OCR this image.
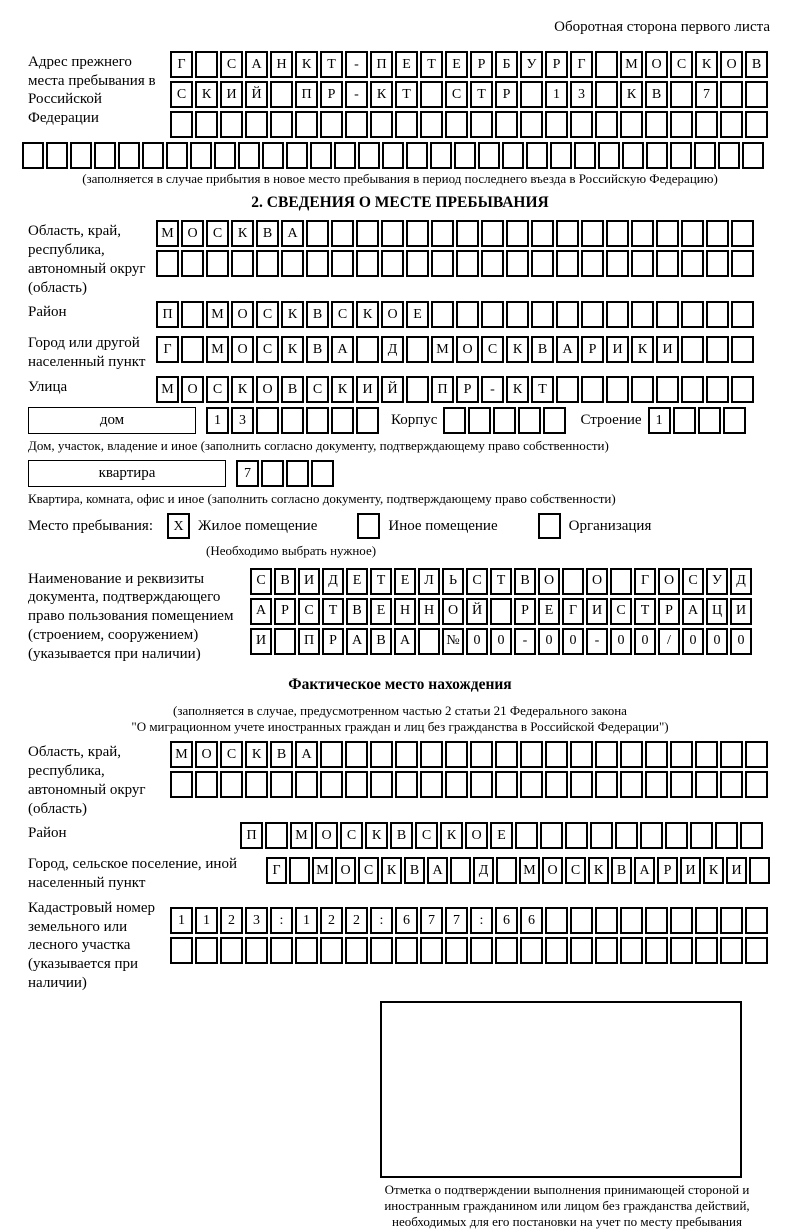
Оборотная сторона первого листа
Адрес прежнего места пребывания в Российской Федерации
Г	С	А	Н	К	Т	-	П	Е	Т	Е	Р	Б	У	Р	Г	М О	С	К	О	В
С	К	И	Й	П	Р	-	К	Т	С	Т	Р	1	3	К	В	7
(заполняется в случае прибытия в новое место пребывания в период последнего въезда в Российскую Федерацию)
2. СВЕДЕНИЯ О МЕСТЕ ПРЕБЫВАНИЯ
Область, край, республика, автономный округ (область)
М О	С	К	В	А
Район	П	М О	С	К	В	С	К	О	Е
Город или другой населенный пункт
Г	М О	С	К	В	А	Д	М О	С	К	В	А	Р	И	К	И
Улица	М О	С	К	О	В	С	К	И	Й	П	Р	-	К	Т
дом	1	3	Корпус	Строение	1
Дом, участок, владение и иное (заполнить согласно документу, подтверждающему право собственности)
квартира	7
Квартира, комната, офис и иное (заполнить согласно документу, подтверждающему право собственности)
Место пребывания:	X Жилое помещение	Иное помещение	Организация
(Необходимо выбрать нужное)
Наименование и реквизиты документа, подтверждающего право пользования помещением (строением, сооружением) (указывается при наличии)
С	В	И	Д	Е	Т	Е	Л	Ь	С	Т	В	О	О	Г	О	С	У	Д
А	Р	С	Т	В	Е	Н Н О Й	Р	Е	Г	И	С	Т	Р	А Ц И
И	П	Р	А	В	А	№ 0	0	-	0	0	-	0	0	/	0	0	0
Фактическое место нахождения
(заполняется в случае, предусмотренном частью 2 статьи 21 Федерального закона
"О миграционном учете иностранных граждан и лиц без гражданства в Российской Федерации")
Область, край, республика, автономный округ (область)
М О	С	К	В	А
Район	П	М О	С	К	В	С	К	О	Е
Город, сельское поселение, иной населенный пункт
Г	М О С К В А	Д	М О С К В А	Р	И К И
Кадастровый номер земельного или лесного участка (указывается при наличии)
1	1	2	3	:	1	2	2	:	6	7	7	:	6	6
Отметка о подтверждении выполнения принимающей стороной и иностранным гражданином или лицом без гражданства действий, необходимых для его постановки на учет по месту пребывания
